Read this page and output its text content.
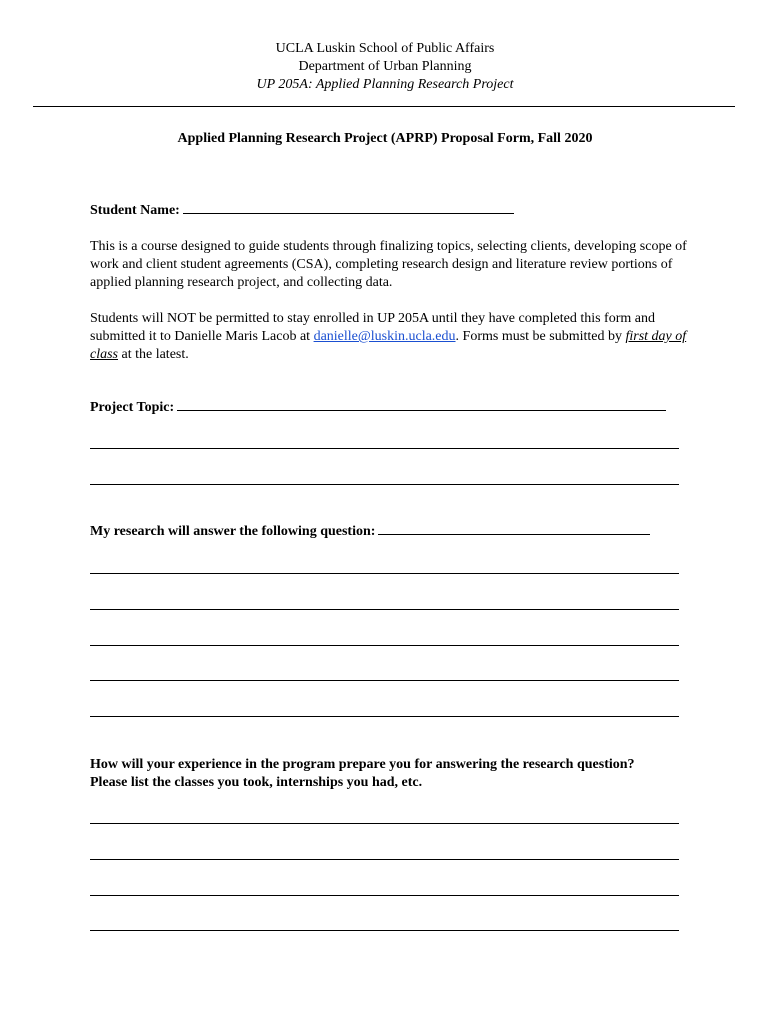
UCLA Luskin School of Public Affairs
Department of Urban Planning
UP 205A: Applied Planning Research Project
Applied Planning Research Project (APRP) Proposal Form, Fall 2020
Student Name:
This is a course designed to guide students through finalizing topics, selecting clients, developing scope of work and client student agreements (CSA), completing research design and literature review portions of applied planning research project, and collecting data.
Students will NOT be permitted to stay enrolled in UP 205A until they have completed this form and submitted it to Danielle Maris Lacob at danielle@luskin.ucla.edu. Forms must be submitted by first day of class at the latest.
Project Topic:
My research will answer the following question:
How will your experience in the program prepare you for answering the research question? Please list the classes you took, internships you had, etc.
